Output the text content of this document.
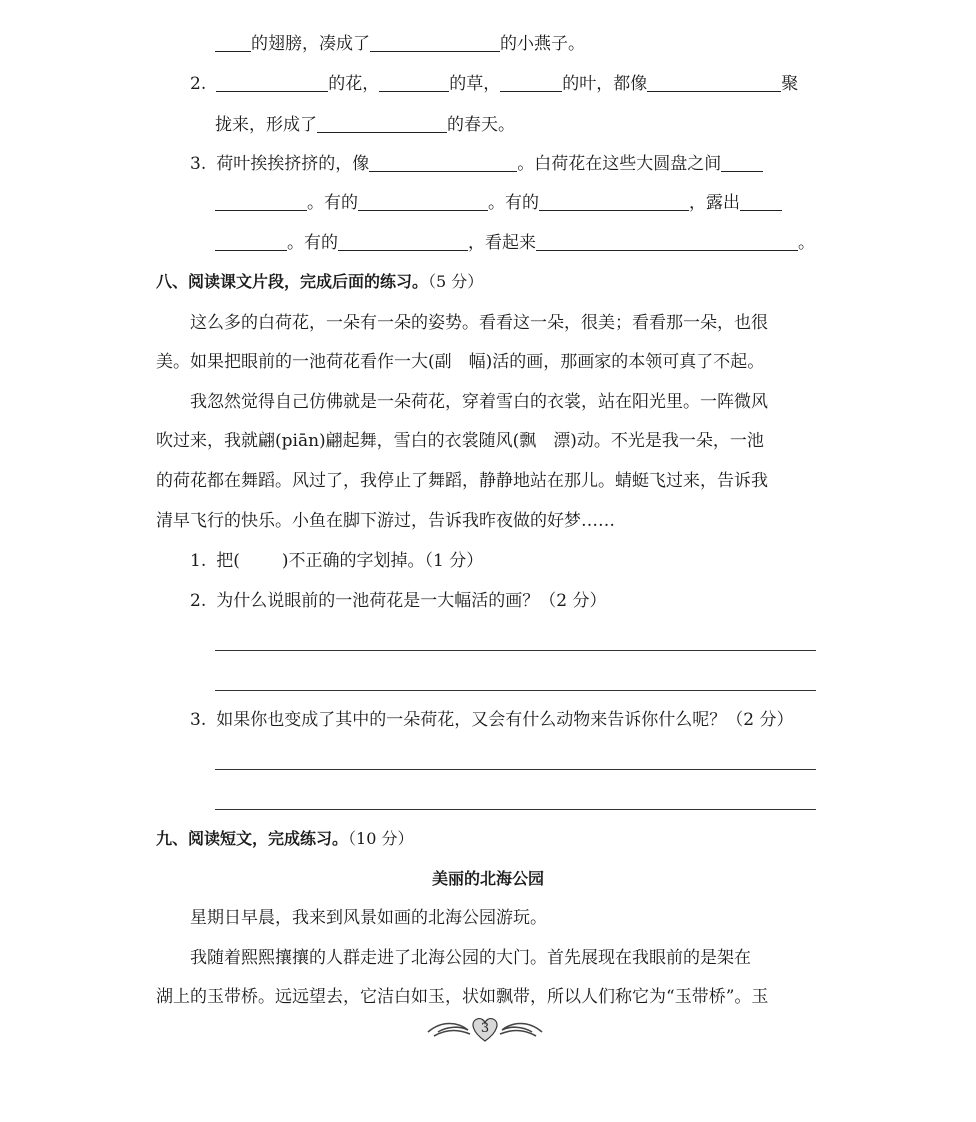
的翅膀，凑成了	的小燕子。
2.	的花，	的草，	的叶，都像	聚
拢来，形成了	的春天。
3. 荷叶挨挨挤挤的，像	。白荷花在这些大圆盘之间
。有的	。有的	，露出
。有的	，看起来	。
八、阅读课文片段，完成后面的练习。（5 分）
这么多的白荷花，一朵有一朵的姿势。看看这一朵，很美；看看那一朵，也很
美。如果把眼前的一池荷花看作一大(副　幅)活的画，那画家的本领可真了不起。
我忽然觉得自己仿佛就是一朵荷花，穿着雪白的衣裳，站在阳光里。一阵微风
吹过来，我就翩(piān)翩起舞，雪白的衣裳随风(飘　漂)动。不光是我一朵，一池
的荷花都在舞蹈。风过了，我停止了舞蹈，静静地站在那儿。蜻蜓飞过来，告诉我
清早飞行的快乐。小鱼在脚下游过，告诉我昨夜做的好梦……
1. 把( )不正确的字划掉。（1 分）
2. 为什么说眼前的一池荷花是一大幅活的画？（2 分）
3. 如果你也变成了其中的一朵荷花，又会有什么动物来告诉你什么呢？（2 分）
九、阅读短文，完成练习。（10 分）
美丽的北海公园
星期日早晨，我来到风景如画的北海公园游玩。
我随着熙熙攘攘的人群走进了北海公园的大门。首先展现在我眼前的是架在
湖上的玉带桥。远远望去，它洁白如玉，状如飘带，所以人们称它为“玉带桥”。玉
3
